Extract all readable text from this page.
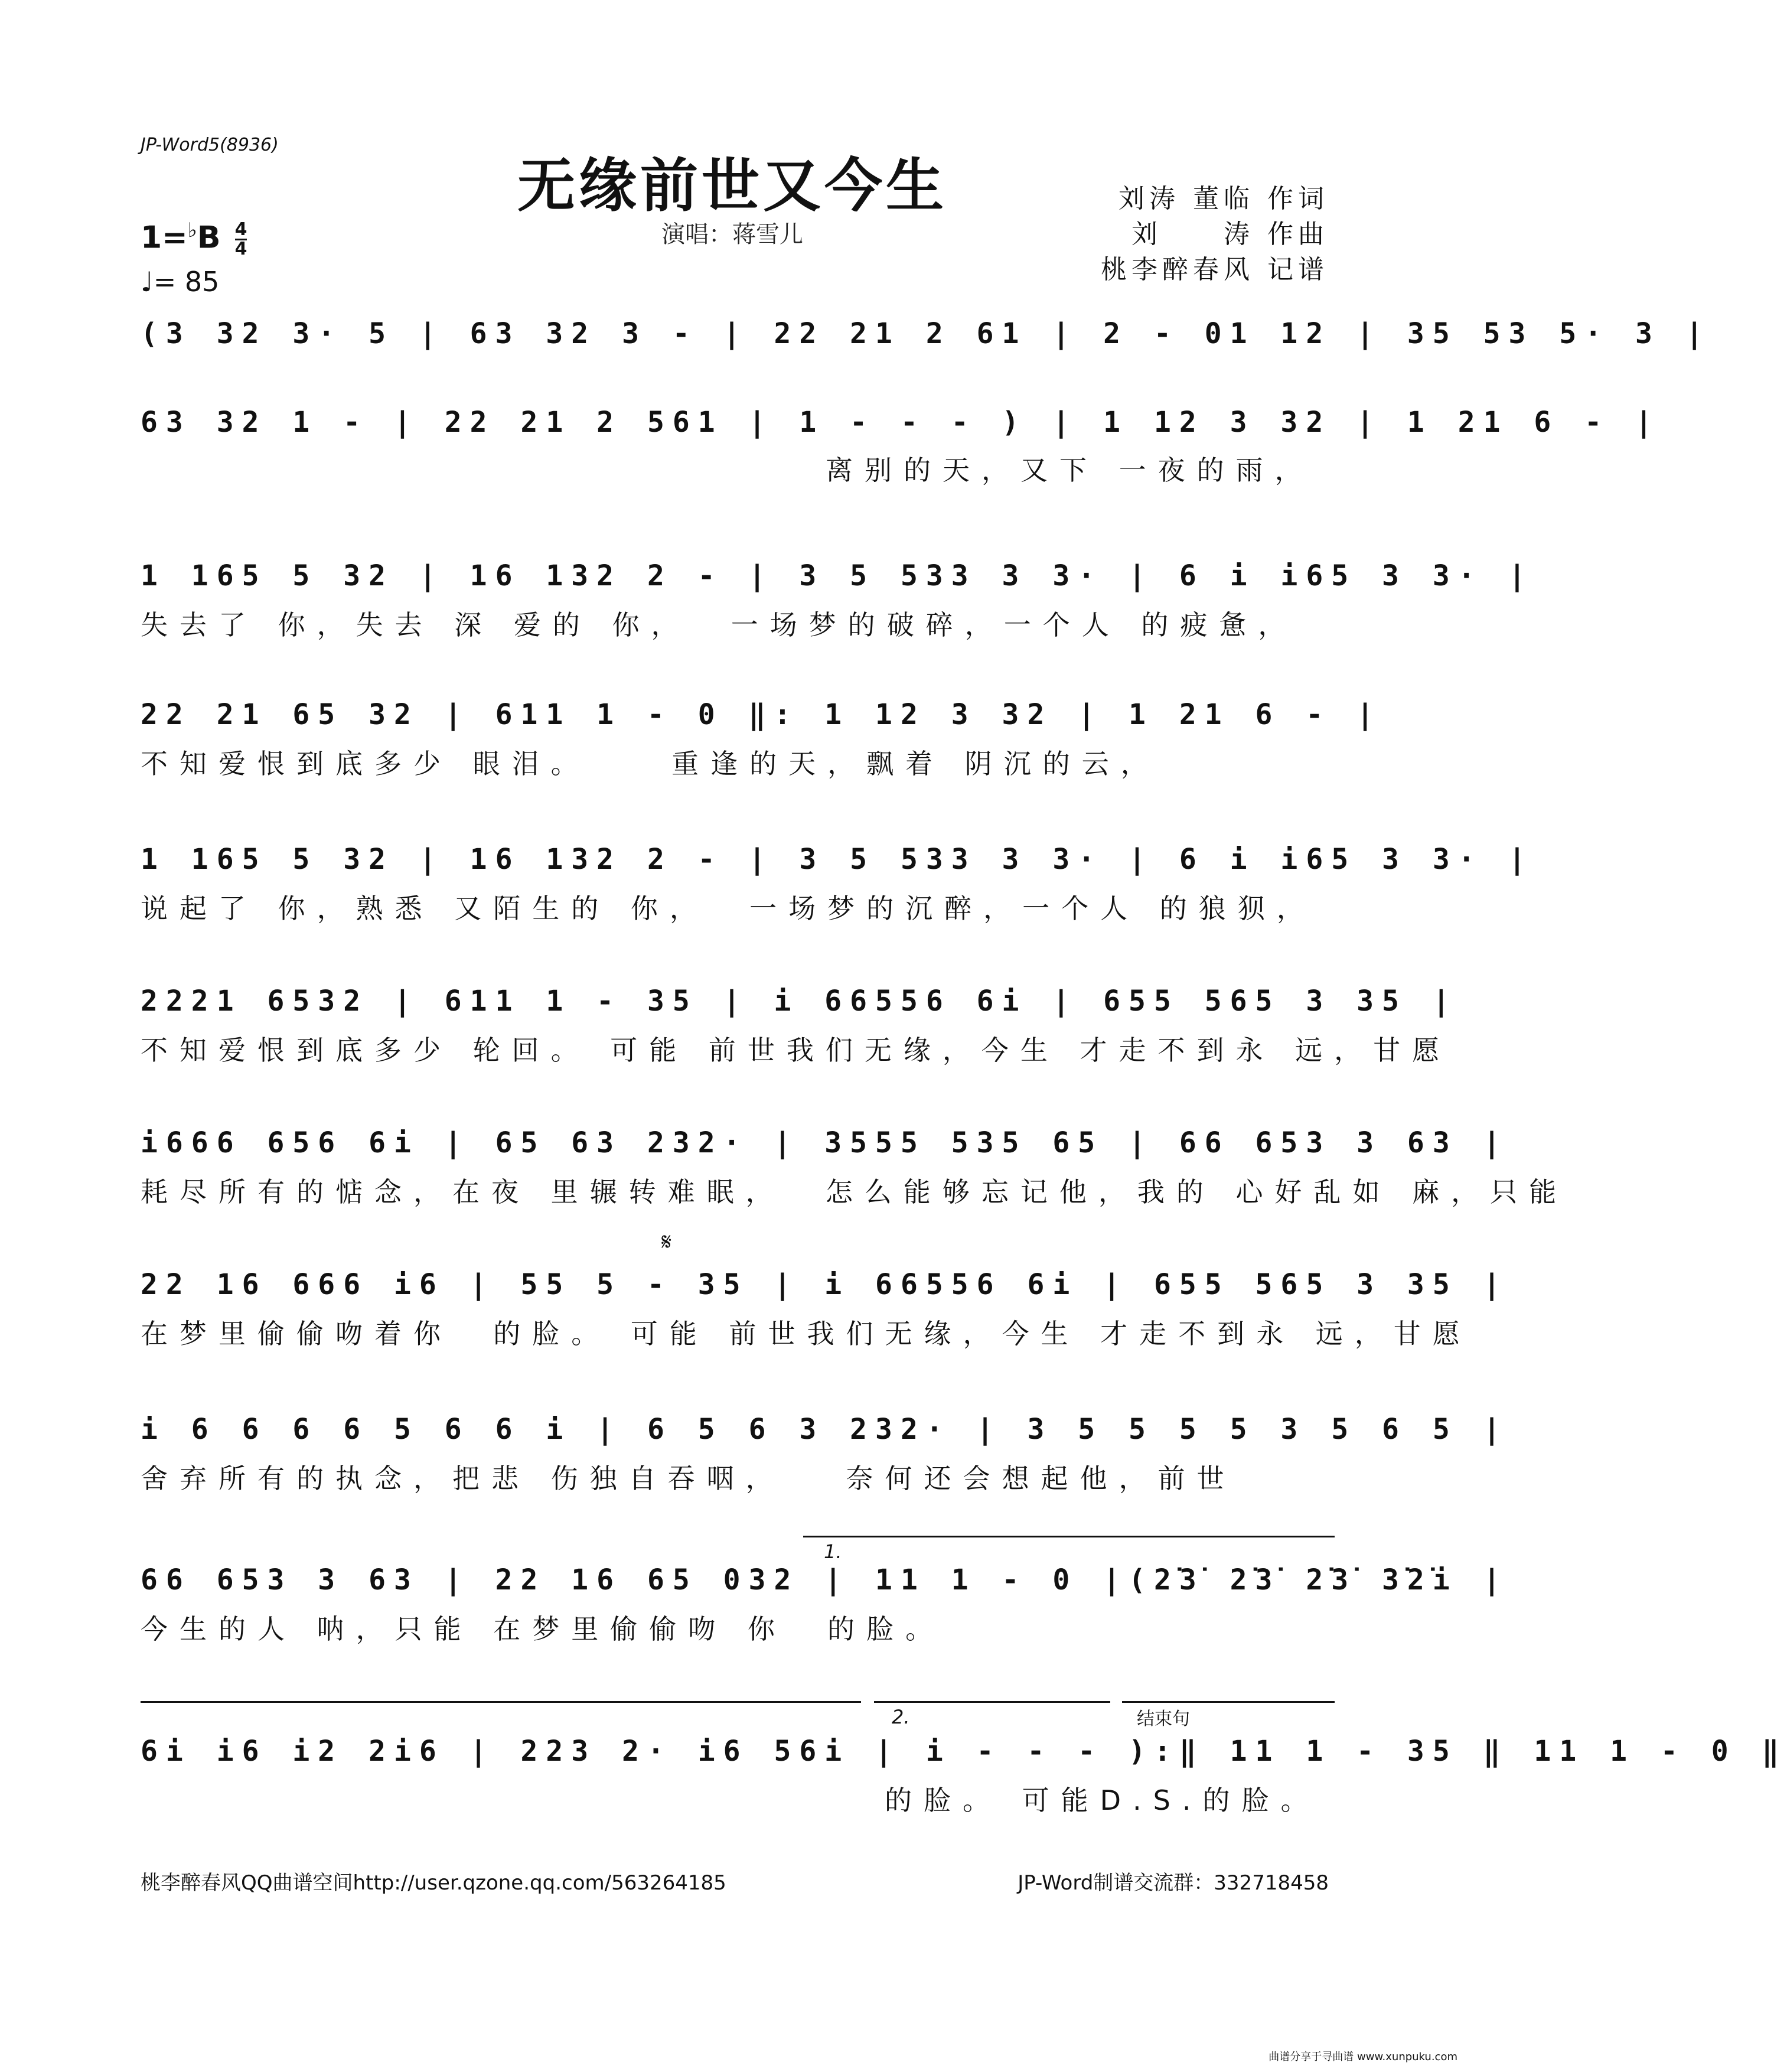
JP-Word5(8936)
无缘前世又今生
演唱：蒋雪儿
刘涛 董临 作词
刘　　涛 作曲
桃李醉春风 记谱
$1=^♭B \frac{4}{4}$
♩= 85
(3 32 3· 5 | 63 32 3 - | 22 21 2 61 | 2 - 01 12 | 35 53 5· 3 |
63 32 1 - | 22 21 2 561 | 1 - - - ) | 1 12 3 32 | 1 21 6 - |
离别的天，又下 一夜的雨，
1 165 5 32 | 16 132 2 - | 3 5 533 3 3· | 6 i i65 3 3· |
失去了 你，失去 深 爱的 你，  一场梦的破碎，一个人 的疲惫，
22 21 65 32 | 611 1 - 0 ‖: 1 12 3 32 | 1 21 6 - |
不知爱恨到底多少 眼泪。    重逢的天，飘着 阴沉的云，
1 165 5 32 | 16 132 2 - | 3 5 533 3 3· | 6 i i65 3 3· |
说起了 你，熟悉 又陌生的 你，  一场梦的沉醉，一个人 的狼狈，
2221 6532 | 611 1 - 35 | i 66556 6i | 655 565 3 35 |
不知爱恨到底多少 轮回。 可能 前世我们无缘，今生 才走不到永 远，甘愿
i666 656 6i | 65 63 232· | 3555 535 65 | 66 653 3 63 |
耗尽所有的惦念，在夜 里辗转难眠，  怎么能够忘记他，我的 心好乱如 麻，只能
𝄋
22 16 666 i6 | 55 5 - 35 | i 66556 6i | 655 565 3 35 |
在梦里偷偷吻着你  的脸。 可能 前世我们无缘，今生 才走不到永 远，甘愿
i 6 6 6 6 5 6 6 i | 6 5 6 3 232· | 3 5 5 5 5 3 5 6 5 |
舍弃所有的执念，把悲 伤独自吞咽，   奈何还会想起他，前世
1.
66 653 3 63 | 22 16 65 032 | 11 1 - 0 |(2̇3̇ 2̇3̇ 2̇3̇ 3̇2̇i |
今生的人 呐，只能 在梦里偷偷吻 你  的脸。
2.	结束句
6i i6 i2 2i6 | 223 2· i6 56i | i - - - ):‖ 11 1 - 35 ‖ 11 1 - 0 ‖
的脸。 可能D.S.的脸。
桃李醉春风QQ曲谱空间http://user.qzone.qq.com/563264185	JP-Word制谱交流群：332718458
曲谱分享于寻曲谱 www.xunpuku.com
